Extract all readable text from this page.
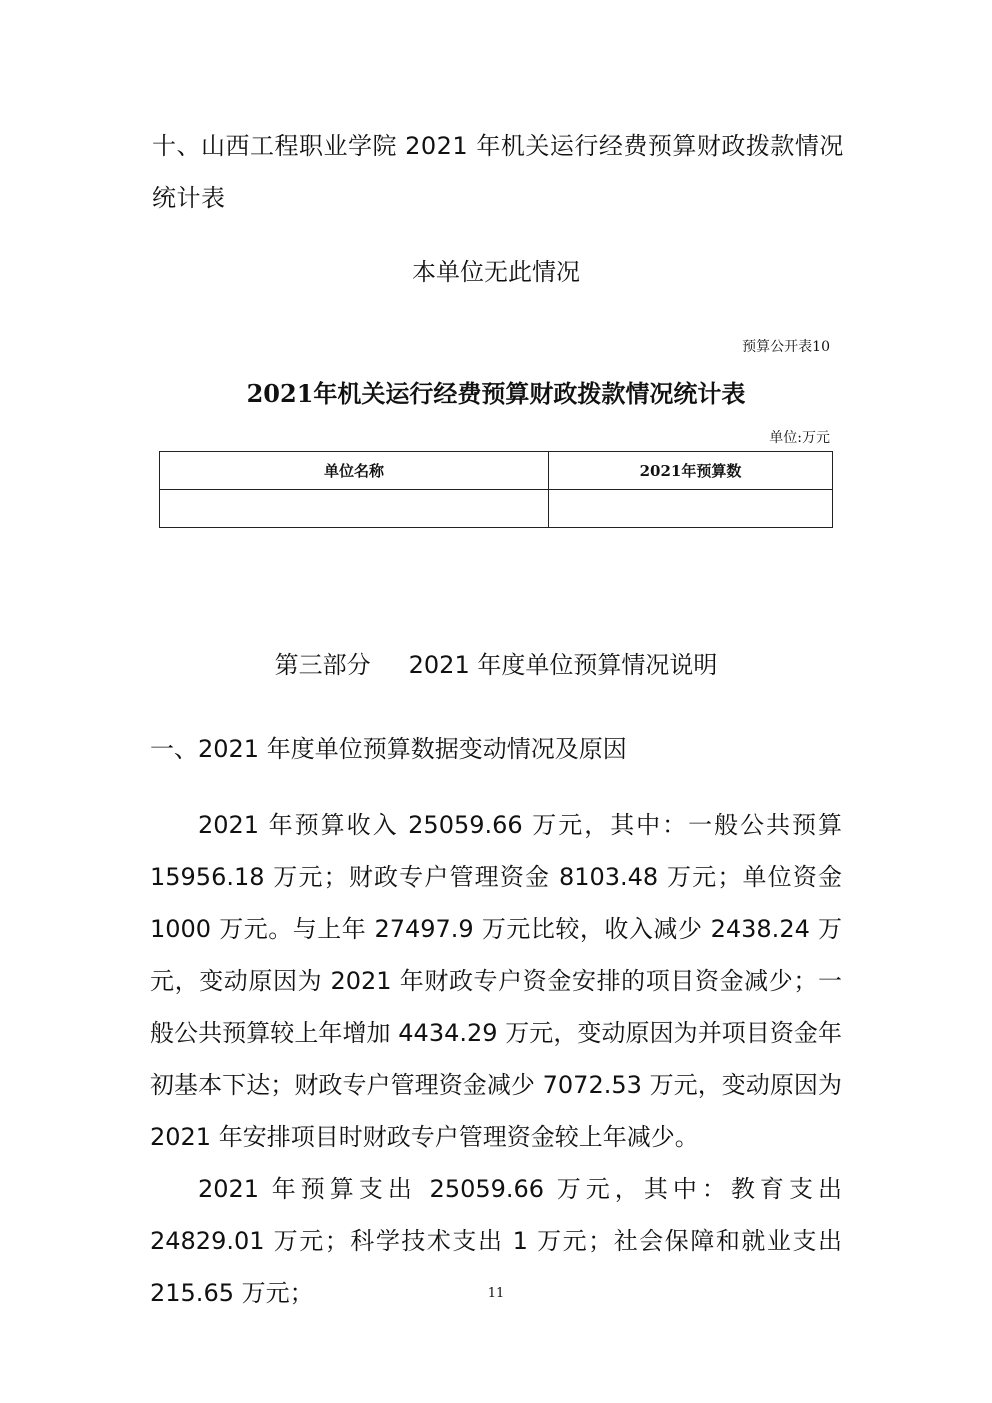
十、山西工程职业学院 2021 年机关运行经费预算财政拨款情况
统计表
本单位无此情况
预算公开表10
2021年机关运行经费预算财政拨款情况统计表
单位:万元
单位名称	2021年预算数

第三部分 2021 年度单位预算情况说明
一、2021 年度单位预算数据变动情况及原因
2021 年预算收入 25059.66 万元，其中：一般公共预算 15956.18 万元；财政专户管理资金 8103.48 万元；单位资金 1000 万元。与上年 27497.9 万元比较，收入减少 2438.24 万元，变动原因为 2021 年财政专户资金安排的项目资金减少；一般公共预算较上年增加 4434.29 万元，变动原因为并项目资金年初基本下达；财政专户管理资金减少 7072.53 万元，变动原因为 2021 年安排项目时财政专户管理资金较上年减少。
2021 年预算支出 25059.66 万元，其中：教育支出 24829.01 万元；科学技术支出 1 万元；社会保障和就业支出 215.65 万元；	11
